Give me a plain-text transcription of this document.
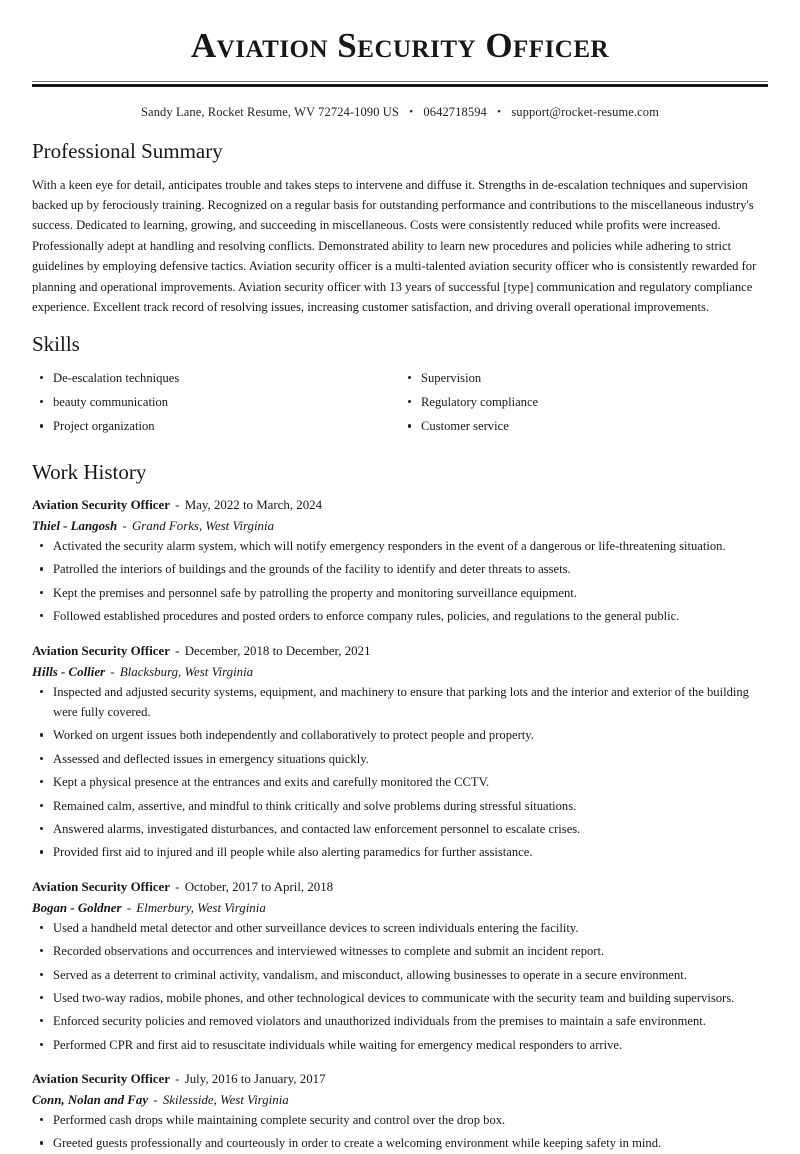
Aviation Security Officer
Sandy Lane, Rocket Resume, WV 72724-1090 US • 0642718594 • support@rocket-resume.com
Professional Summary

With a keen eye for detail, anticipates trouble and takes steps to intervene and diffuse it. Strengths in de-escalation techniques and supervision backed up by ferociously training. Recognized on a regular basis for outstanding performance and contributions to the miscellaneous industry's success. Dedicated to learning, growing, and succeeding in miscellaneous. Costs were consistently reduced while profits were increased. Professionally adept at handling and resolving conflicts. Demonstrated ability to learn new procedures and policies while adhering to strict guidelines by employing defensive tactics. Aviation security officer is a multi-talented aviation security officer who is consistently rewarded for planning and operational improvements. Aviation security officer with 13 years of successful [type] communication and regulatory compliance experience. Excellent track record of resolving issues, increasing customer satisfaction, and driving overall operational improvements.

Skills
De-escalation techniques
beauty communication
Project organization
Supervision
Regulatory compliance
Customer service
Work History
Aviation Security Officer - May, 2022 to March, 2024
Thiel - Langosh - Grand Forks, West Virginia
Activated the security alarm system, which will notify emergency responders in the event of a dangerous or life-threatening situation.
Patrolled the interiors of buildings and the grounds of the facility to identify and deter threats to assets.
Kept the premises and personnel safe by patrolling the property and monitoring surveillance equipment.
Followed established procedures and posted orders to enforce company rules, policies, and regulations to the general public.
Aviation Security Officer - December, 2018 to December, 2021
Hills - Collier - Blacksburg, West Virginia
Inspected and adjusted security systems, equipment, and machinery to ensure that parking lots and the interior and exterior of the building were fully covered.
Worked on urgent issues both independently and collaboratively to protect people and property.
Assessed and deflected issues in emergency situations quickly.
Kept a physical presence at the entrances and exits and carefully monitored the CCTV.
Remained calm, assertive, and mindful to think critically and solve problems during stressful situations.
Answered alarms, investigated disturbances, and contacted law enforcement personnel to escalate crises.
Provided first aid to injured and ill people while also alerting paramedics for further assistance.
Aviation Security Officer - October, 2017 to April, 2018
Bogan - Goldner - Elmerbury, West Virginia
Used a handheld metal detector and other surveillance devices to screen individuals entering the facility.
Recorded observations and occurrences and interviewed witnesses to complete and submit an incident report.
Served as a deterrent to criminal activity, vandalism, and misconduct, allowing businesses to operate in a secure environment.
Used two-way radios, mobile phones, and other technological devices to communicate with the security team and building supervisors.
Enforced security policies and removed violators and unauthorized individuals from the premises to maintain a safe environment.
Performed CPR and first aid to resuscitate individuals while waiting for emergency medical responders to arrive.
Aviation Security Officer - July, 2016 to January, 2017
Conn, Nolan and Fay - Skilesside, West Virginia
Performed cash drops while maintaining complete security and control over the drop box.
Greeted guests professionally and courteously in order to create a welcoming environment while keeping safety in mind.
